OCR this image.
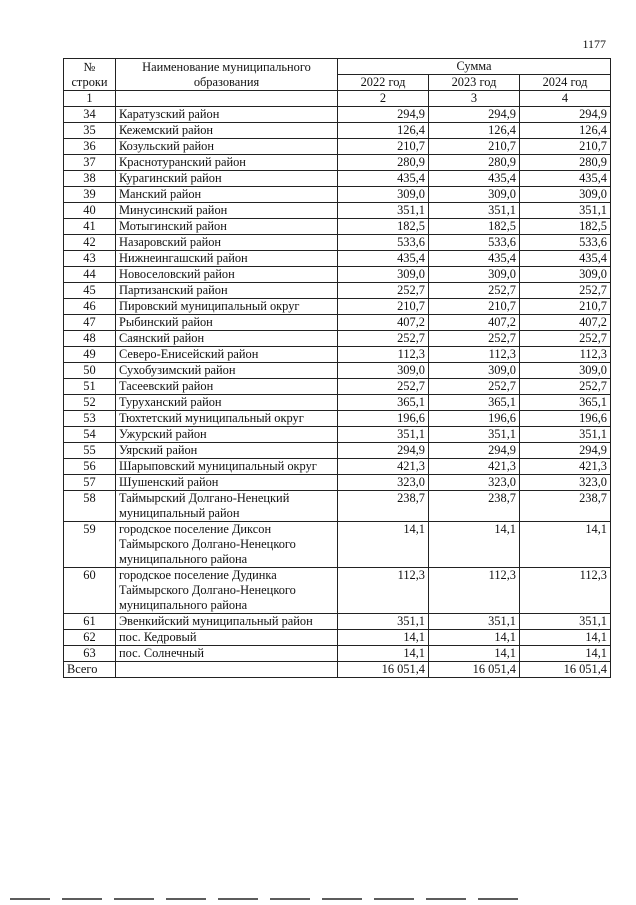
1177
№
строки	Наименование муниципального образования	Сумма		
		2022 год	2023 год	2024 год
1		2	3	4
34	Каратузский район	294,9	294,9	294,9
35	Кежемский район	126,4	126,4	126,4
36	Козульский район	210,7	210,7	210,7
37	Краснотуранский район	280,9	280,9	280,9
38	Курагинский район	435,4	435,4	435,4
39	Манский район	309,0	309,0	309,0
40	Минусинский район	351,1	351,1	351,1
41	Мотыгинский район	182,5	182,5	182,5
42	Назаровский район	533,6	533,6	533,6
43	Нижнеингашский район	435,4	435,4	435,4
44	Новоселовский район	309,0	309,0	309,0
45	Партизанский район	252,7	252,7	252,7
46	Пировский муниципальный округ	210,7	210,7	210,7
47	Рыбинский район	407,2	407,2	407,2
48	Саянский район	252,7	252,7	252,7
49	Северо-Енисейский район	112,3	112,3	112,3
50	Сухобузимский район	309,0	309,0	309,0
51	Тасеевский район	252,7	252,7	252,7
52	Туруханский район	365,1	365,1	365,1
53	Тюхтетский муниципальный округ	196,6	196,6	196,6
54	Ужурский район	351,1	351,1	351,1
55	Уярский район	294,9	294,9	294,9
56	Шарыповский муниципальный округ	421,3	421,3	421,3
57	Шушенский район	323,0	323,0	323,0
58	Таймырский Долгано-Ненецкий муниципальный район	238,7	238,7	238,7
59	городское поселение Диксон Таймырского Долгано-Ненецкого муниципального района	14,1	14,1	14,1
60	городское поселение Дудинка Таймырского Долгано-Ненецкого муниципального района	112,3	112,3	112,3
61	Эвенкийский муниципальный район	351,1	351,1	351,1
62	пос. Кедровый	14,1	14,1	14,1
63	пос. Солнечный	14,1	14,1	14,1
Всего		16 051,4	16 051,4	16 051,4
